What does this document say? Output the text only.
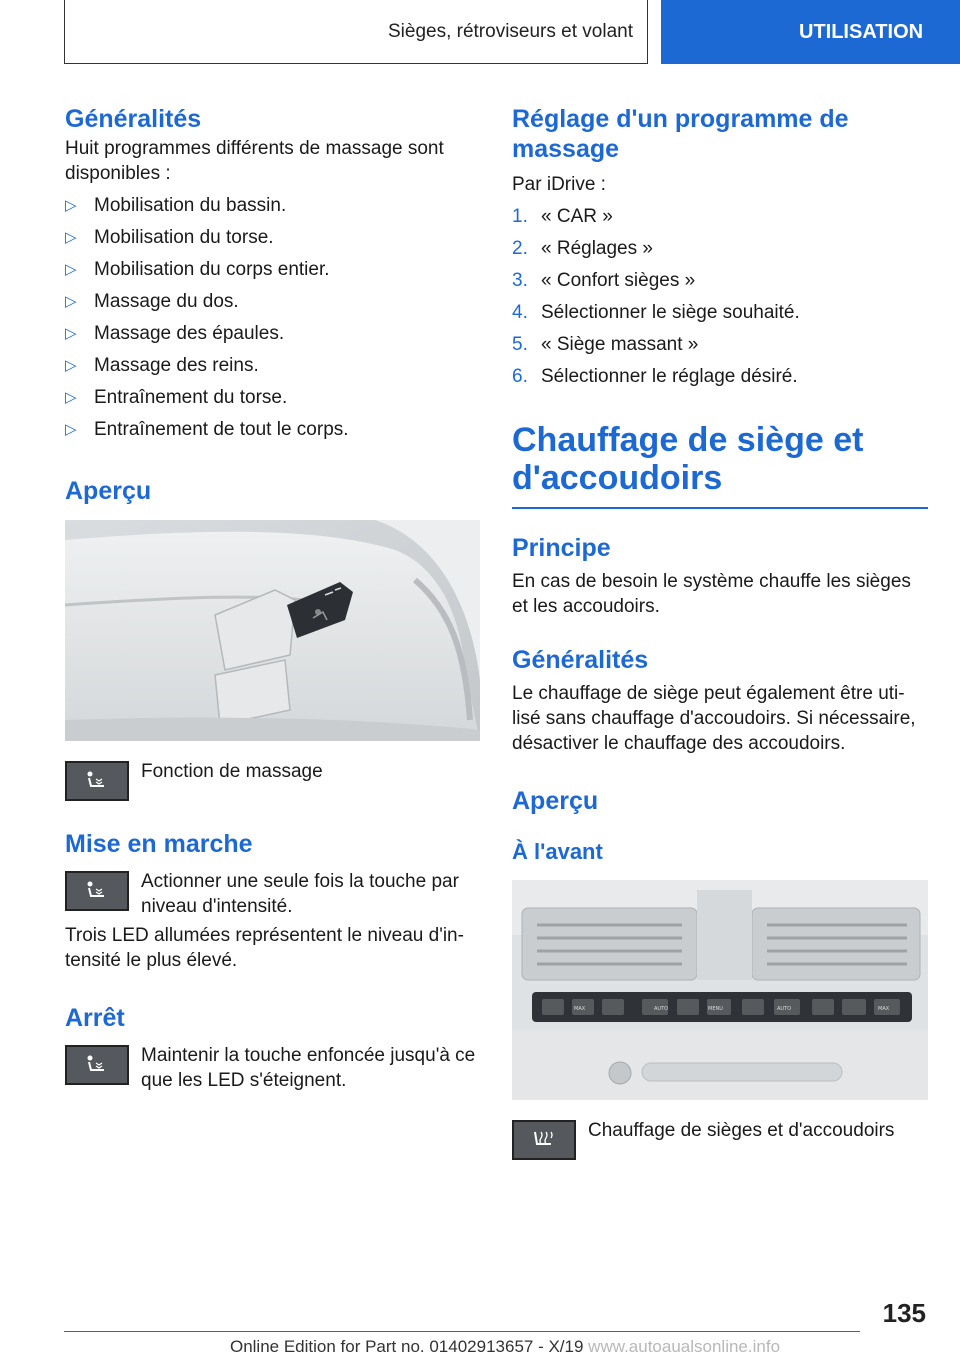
Sièges, rétroviseurs et volant	UTILISATION
Généralités

Huit programmes différents de massage sont disponibles :

▷ Mobilisation du bassin.
▷ Mobilisation du torse.
▷ Mobilisation du corps entier.
▷ Massage du dos.
▷ Massage des épaules.
▷ Massage des reins.
▷ Entraînement du torse.
▷ Entraînement de tout le corps.
Aperçu

Fonction de massage

Mise en marche

Actionner une seule fois la touche par niveau d'intensité.

Trois LED allumées représentent le niveau d'in-tensité le plus élevé.

Arrêt

Maintenir la touche enfoncée jusqu'à ce que les LED s'éteignent.

Réglage d'un programme de massage

Par iDrive :

1. « CAR »
2. « Réglages »
3. « Confort sièges »
4. Sélectionner le siège souhaité.
5. « Siège massant »
6. Sélectionner le réglage désiré.
Chauffage de siège et d'accoudoirs
Principe

En cas de besoin le système chauffe les sièges et les accoudoirs.

Généralités

Le chauffage de siège peut également être uti-lisé sans chauffage d'accoudoirs. Si nécessaire, désactiver le chauffage des accoudoirs.

Aperçu
À l'avant
MAX	MENU
AUTO	AUTO	MAX

Chauffage de sièges et d'accoudoirs

135
Online Edition for Part no. 01402913657 - X/19 www.autoaualsonline.info
